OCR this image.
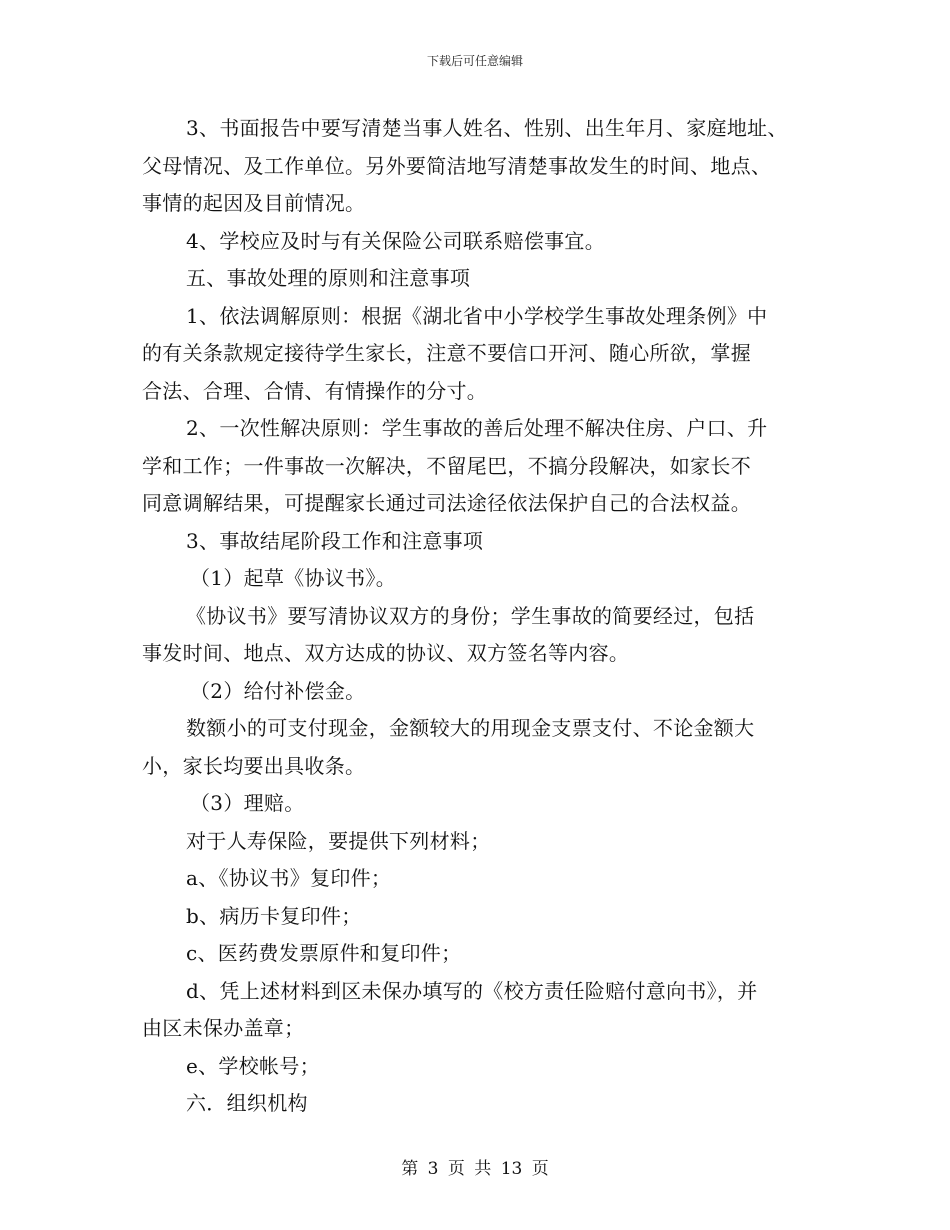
下载后可任意编辑
3、书面报告中要写清楚当事人姓名、性别、出生年月、家庭地址、
父母情况、及工作单位。另外要简洁地写清楚事故发生的时间、地点、
事情的起因及目前情况。
4、学校应及时与有关保险公司联系赔偿事宜。
五、事故处理的原则和注意事项
1、依法调解原则：根据《湖北省中小学校学生事故处理条例》中
的有关条款规定接待学生家长，注意不要信口开河、随心所欲，掌握
合法、合理、合情、有情操作的分寸。
2、一次性解决原则：学生事故的善后处理不解决住房、户口、升
学和工作；一件事故一次解决，不留尾巴，不搞分段解决，如家长不
同意调解结果，可提醒家长通过司法途径依法保护自己的合法权益。
3、事故结尾阶段工作和注意事项
（1）起草《协议书》。
《协议书》要写清协议双方的身份；学生事故的简要经过，包括
事发时间、地点、双方达成的协议、双方签名等内容。
（2）给付补偿金。
数额小的可支付现金，金额较大的用现金支票支付、不论金额大
小，家长均要出具收条。
（3）理赔。
对于人寿保险，要提供下列材料；
a、《协议书》复印件；
b、病历卡复印件；
c、医药费发票原件和复印件；
d、凭上述材料到区未保办填写的《校方责任险赔付意向书》，并
由区未保办盖章；
e、学校帐号；
六．组织机构
第 3 页 共 13 页
